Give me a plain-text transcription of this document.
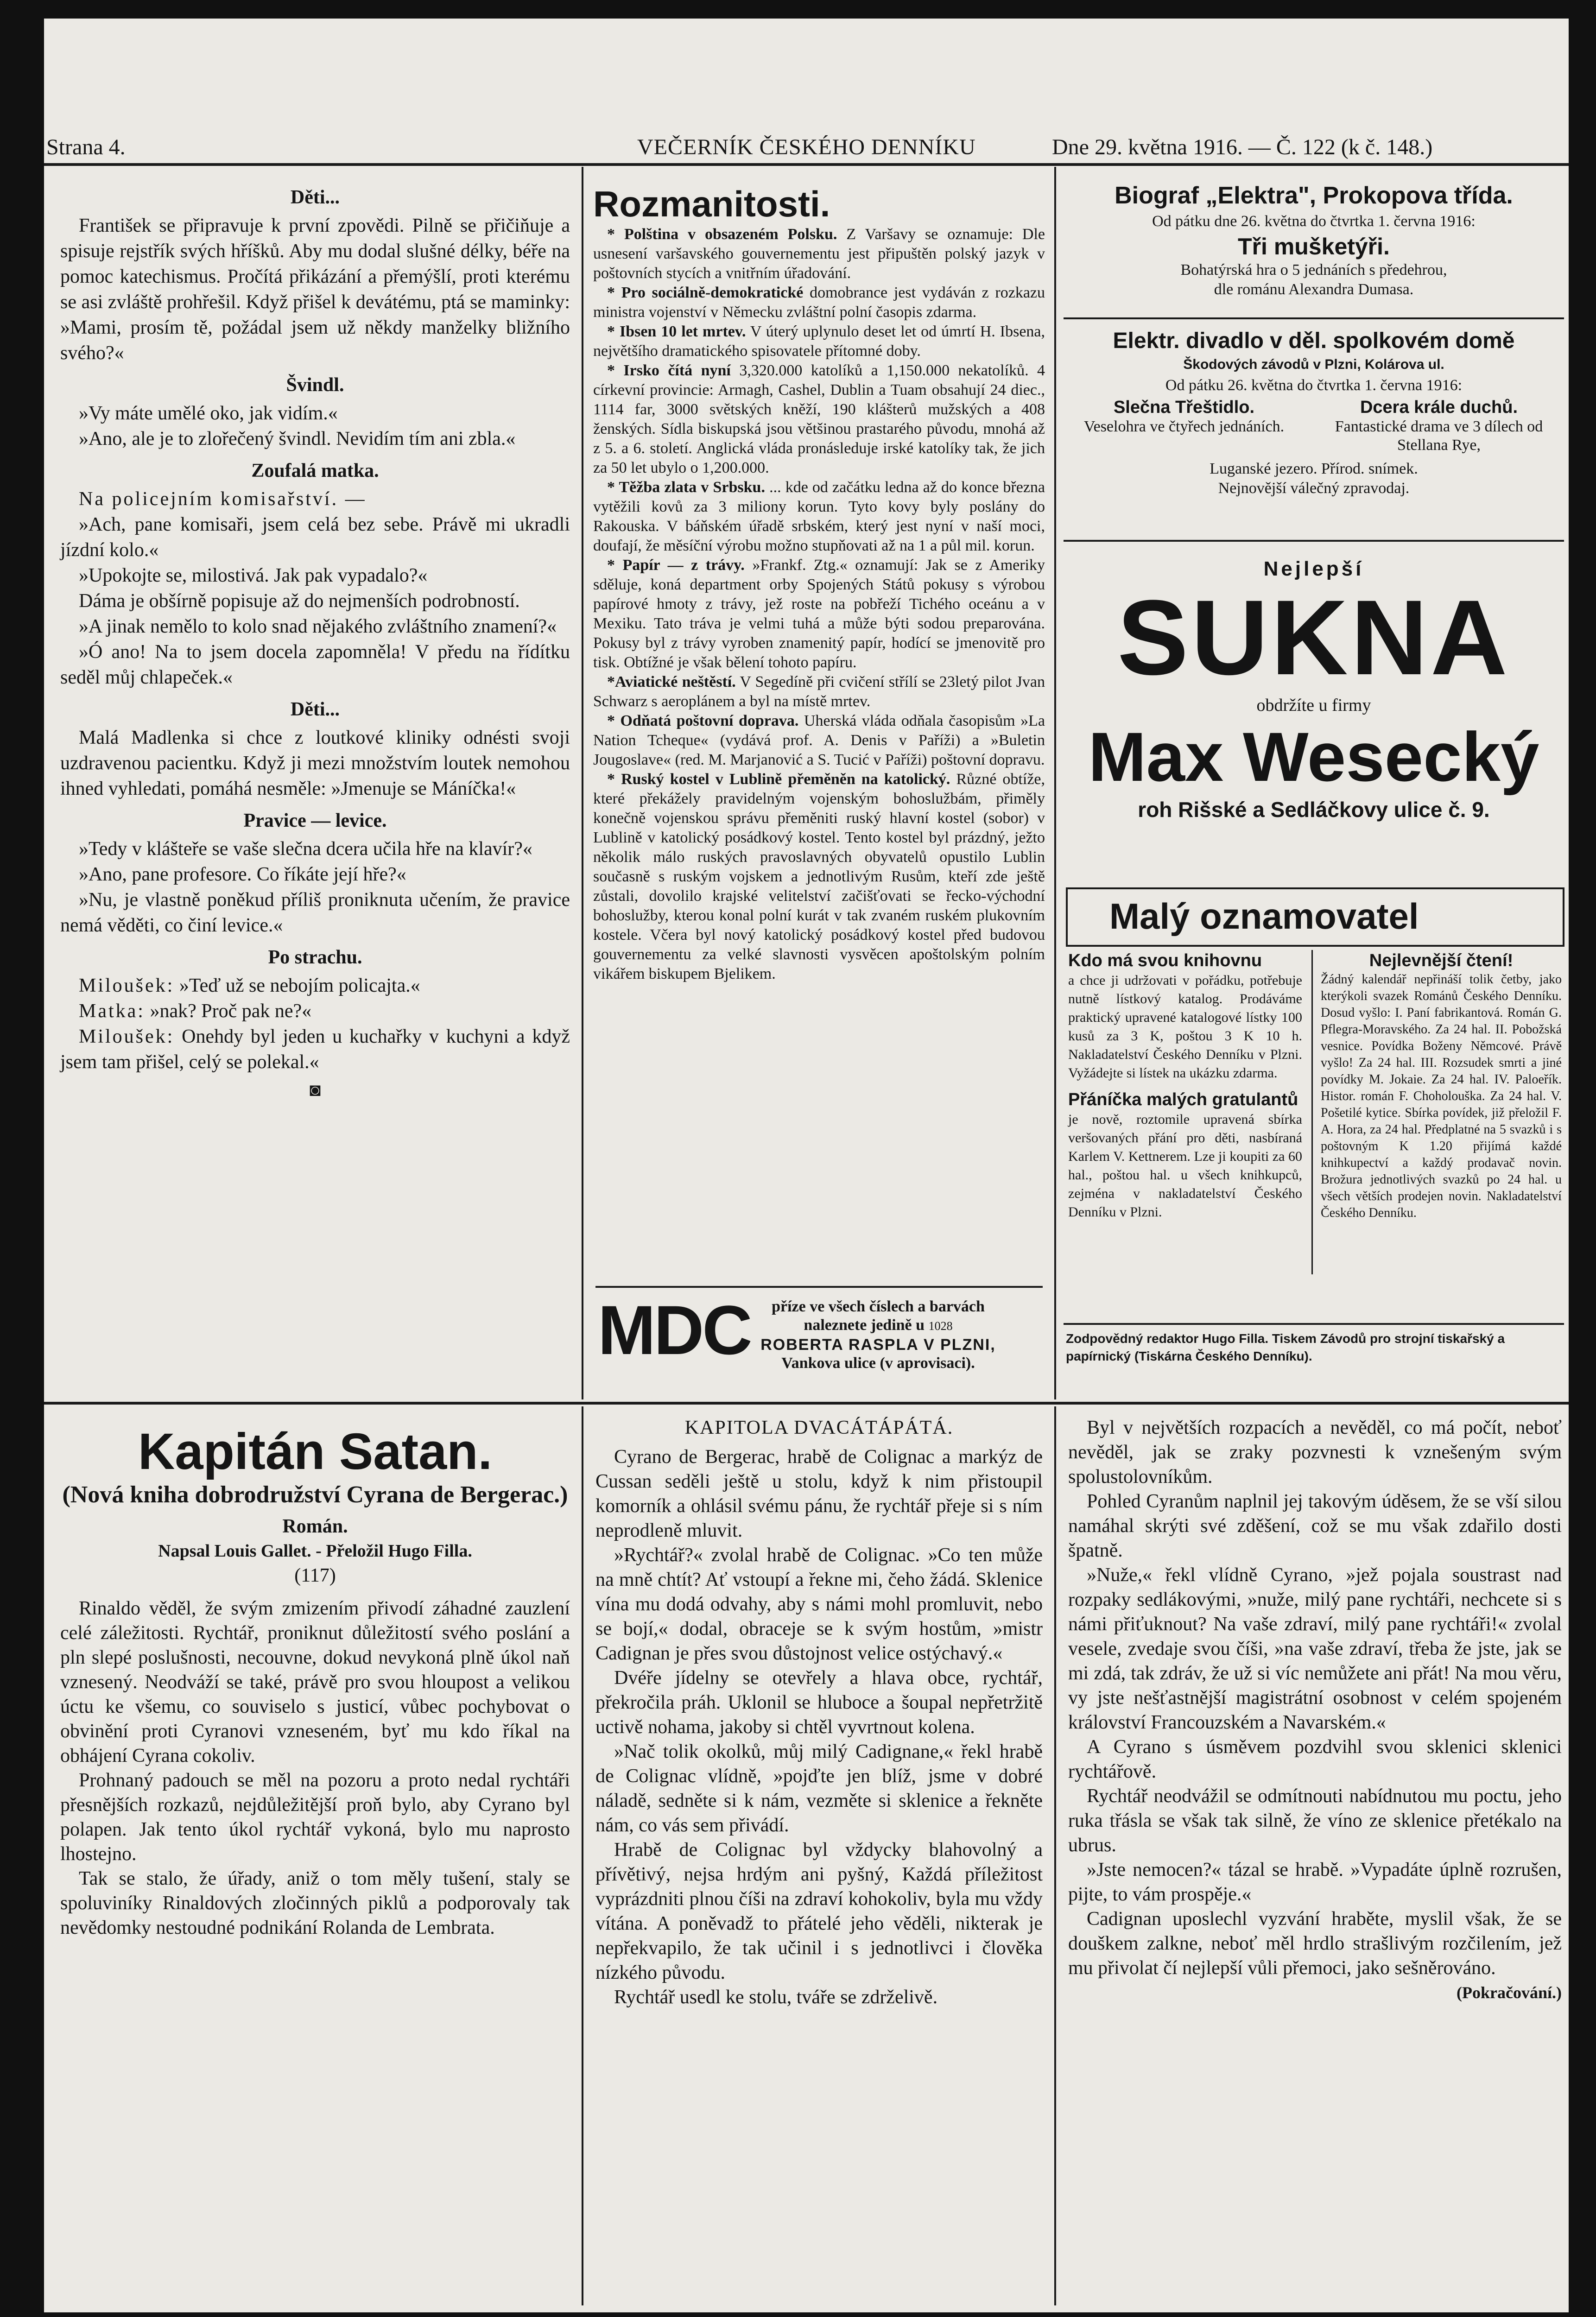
Strana 4.	VEČERNÍK ČESKÉHO DENNÍKU	Dne 29. května 1916. — Č. 122 (k č. 148.)
Děti...

František se připravuje k první zpovědi. Pilně se přičiňuje a spisuje rejstřík svých hříšků. Aby mu dodal slušné délky, béře na pomoc katechismus. Pročítá přikázání a přemýšlí, proti kterému se asi zvláště prohřešil. Když přišel k devátému, ptá se maminky: »Mami, prosím tě, požádal jsem už někdy manželky bližního svého?«

Švindl.

»Vy máte umělé oko, jak vidím.«

»Ano, ale je to zlořečený švindl. Nevidím tím ani zbla.«

Zoufalá matka.

Na policejním komisařství. —

»Ach, pane komisaři, jsem celá bez sebe. Právě mi ukradli jízdní kolo.«

»Upokojte se, milostivá. Jak pak vypadalo?«

Dáma je obšírně popisuje až do nejmenších podrobností.

»A jinak nemělo to kolo snad nějakého zvláštního znamení?«

»Ó ano! Na to jsem docela zapomněla! V předu na řídítku seděl můj chlapeček.«

Děti...

Malá Madlenka si chce z loutkové kliniky odnésti svoji uzdravenou pacientku. Když ji mezi množstvím loutek nemohou ihned vyhledati, pomáhá nesměle: »Jmenuje se Máníčka!«

Pravice — levice.

»Tedy v klášteře se vaše slečna dcera učila hře na klavír?«

»Ano, pane profesore. Co říkáte její hře?«

»Nu, je vlastně poněkud příliš proniknuta učením, že pravice nemá věděti, co činí levice.«

Po strachu.

Miloušek: »Teď už se nebojím policajta.«

Matka: »nak? Proč pak ne?«

Miloušek: Onehdy byl jeden u kuchařky v kuchyni a když jsem tam přišel, celý se polekal.«

◙
Rozmanitosti.

* Polština v obsazeném Polsku. Z Varšavy se oznamuje: Dle usnesení varšavského gouvernementu jest připuštěn polský jazyk v poštovních stycích a vnitřním úřadování.

* Pro sociálně-demokratické domobrance jest vydáván z rozkazu ministra vojenství v Německu zvláštní polní časopis zdarma.

* Ibsen 10 let mrtev. V úterý uplynulo deset let od úmrtí H. Ibsena, největšího dramatického spisovatele přítomné doby.

* Irsko čítá nyní 3,320.000 katolíků a 1,150.000 nekatolíků. 4 církevní provincie: Armagh, Cashel, Dublin a Tuam obsahují 24 diec., 1114 far, 3000 světských kněží, 190 klášterů mužských a 408 ženských. Sídla biskupská jsou většinou prastarého původu, mnohá až z 5. a 6. století. Anglická vláda pronásleduje irské katolíky tak, že jich za 50 let ubylo o 1,200.000.

* Těžba zlata v Srbsku. ... kde od začátku ledna až do konce března vytěžili kovů za 3 miliony korun. Tyto kovy byly poslány do Rakouska. V báňském úřadě srbském, který jest nyní v naší moci, doufají, že měsíční výrobu možno stupňovati až na 1 a půl mil. korun.

* Papír — z trávy. »Frankf. Ztg.« oznamují: Jak se z Ameriky sděluje, koná department orby Spojených Států pokusy s výrobou papírové hmoty z trávy, jež roste na pobřeží Tichého oceánu a v Mexiku. Tato tráva je velmi tuhá a může býti sodou preparována. Pokusy byl z trávy vyroben znamenitý papír, hodící se jmenovitě pro tisk. Obtížné je však bělení tohoto papíru.

*Aviatické neštěstí. V Segedíně při cvičení střílí se 23letý pilot Jvan Schwarz s aeroplánem a byl na místě mrtev.

* Odňatá poštovní doprava. Uherská vláda odňala časopisům »La Nation Tcheque« (vydává prof. A. Denis v Paříži) a »Buletin Jougoslave« (red. M. Marjanović a S. Tucić v Paříži) poštovní dopravu.

* Ruský kostel v Lublině přeměněn na katolický. Různé obtíže, které překážely pravidelným vojenským bohoslužbám, přiměly konečně vojenskou správu přeměniti ruský hlavní kostel (sobor) v Lublině v katolický posádkový kostel. Tento kostel byl prázdný, ježto několik málo ruských pravoslavných obyvatelů opustilo Lublin současně s ruským vojskem a jednotlivým Rusům, kteří zde ještě zůstali, dovolilo krajské velitelství začišťovati se řecko-východní bohoslužby, kterou konal polní kurát v tak zvaném ruském plukovním kostele. Včera byl nový katolický posádkový kostel před budovou gouvernementu za velké slavnosti vysvěcen apoštolským polním vikářem biskupem Bjelikem.

MDC	příze ve všech číslech a barvách
naleznete jedině u 1028
ROBERTA RASPLA V PLZNI,
Vankova ulice (v aprovisaci).
Biograf „Elektra", Prokopova třída.
Od pátku dne 26. května do čtvrtka 1. června 1916:
Tři mušketýři.
Bohatýrská hra o 5 jednáních s předehrou,
dle románu Alexandra Dumasa.
Elektr. divadlo v děl. spolkovém domě
Škodových závodů v Plzni, Kolárova ul.
Od pátku 26. května do čtvrtka 1. června 1916:
Slečna Třeštidlo.
Veselohra ve čtyřech jednáních.
Dcera krále duchů.
Fantastické drama ve 3 dílech od Stellana Rye,
Luganské jezero. Přírod. snímek.
Nejnovější válečný zpravodaj.
Nejlepší
SUKNA
obdržíte u firmy
Max Wesecký
roh Rišské a Sedláčkovy ulice č. 9.
Malý oznamovatel
Kdo má svou knihovnu
a chce ji udržovati v pořádku, potřebuje nutně lístkový katalog. Prodáváme praktický upravené katalogové lístky 100 kusů za 3 K, poštou 3 K 10 h. Nakladatelství Českého Denníku v Plzni. Vyžádejte si lístek na ukázku zdarma.
Přáníčka malých gratulantů
je nově, roztomile upravená sbírka veršovaných přání pro děti, nasbíraná Karlem V. Kettnerem. Lze ji koupiti za 60 hal., poštou hal. u všech knihkupců, zejména v nakladatelství Českého Denníku v Plzni.
Nejlevnější čtení!
Žádný kalendář nepřináší tolik četby, jako kterýkoli svazek Románů Českého Denníku. Dosud vyšlo: I. Paní fabrikantová. Román G. Pflegra-Moravského. Za 24 hal. II. Pobožská vesnice. Povídka Boženy Němcové. Právě vyšlo! Za 24 hal. III. Rozsudek smrti a jiné povídky M. Jokaie. Za 24 hal. IV. Paloeřík. Histor. román F. Choholouška. Za 24 hal. V. Pošetilé kytice. Sbírka povídek, již přeložil F. A. Hora, za 24 hal. Předplatné na 5 svazků i s poštovným K 1.20 přijímá každé knihkupectví a každý prodavač novin. Brožura jednotlivých svazků po 24 hal. u všech větších prodejen novin. Nakladatelství Českého Denníku.
Zodpovědný redaktor Hugo Filla. Tiskem Závodů pro strojní tiskařský a papírnický (Tiskárna Českého Denníku).
Kapitán Satan.
(Nová kniha dobrodružství Cyrana de Bergerac.)
Román.
Napsal Louis Gallet. - Přeložil Hugo Filla.
(117)

Rinaldo věděl, že svým zmizením přivodí záhadné zauzlení celé záležitosti. Rychtář, proniknut důležitostí svého poslání a pln slepé poslušnosti, necouvne, dokud nevykoná plně úkol naň vznesený. Neodváží se také, právě pro svou hloupost a velikou úctu ke všemu, co souviselo s justicí, vůbec pochybovat o obvinění proti Cyranovi vzneseném, byť mu kdo říkal na obhájení Cyrana cokoliv.

Prohnaný padouch se měl na pozoru a proto nedal rychtáři přesnějších rozkazů, nejdůležitější proň bylo, aby Cyrano byl polapen. Jak tento úkol rychtář vykoná, bylo mu naprosto lhostejno.

Tak se stalo, že úřady, aniž o tom měly tušení, staly se spoluviníky Rinaldových zločinných piklů a podporovaly tak nevědomky nestoudné podnikání Rolanda de Lembrata.

KAPITOLA DVACÁTÁPÁTÁ.

Cyrano de Bergerac, hrabě de Colignac a markýz de Cussan seděli ještě u stolu, když k nim přistoupil komorník a ohlásil svému pánu, že rychtář přeje si s ním neprodleně mluvit.

»Rychtář?« zvolal hrabě de Colignac. »Co ten může na mně chtít? Ať vstoupí a řekne mi, čeho žádá. Sklenice vína mu dodá odvahy, aby s námi mohl promluvit, nebo se bojí,« dodal, obraceje se k svým hostům, »mistr Cadignan je přes svou důstojnost velice ostýchavý.«

Dvéře jídelny se otevřely a hlava obce, rychtář, překročila práh. Uklonil se hluboce a šoupal nepřetržitě uctivě nohama, jakoby si chtěl vyvrtnout kolena.

»Nač tolik okolků, můj milý Cadignane,« řekl hrabě de Colignac vlídně, »pojďte jen blíž, jsme v dobré náladě, sedněte si k nám, vezměte si sklenice a řekněte nám, co vás sem přivádí.

Hrabě de Colignac byl vždycky blahovolný a přívětivý, nejsa hrdým ani pyšný, Každá příležitost vyprázdniti plnou číši na zdraví kohokoliv, byla mu vždy vítána. A poněvadž to přátelé jeho věděli, nikterak je nepřekvapilo, že tak učinil i s jednotlivci i člověka nízkého původu.

Rychtář usedl ke stolu, tváře se zdrželivě.

Byl v největších rozpacích a nevěděl, co má počít, neboť nevěděl, jak se zraky pozvnesti k vznešeným svým spolustolovníkům.

Pohled Cyranům naplnil jej takovým úděsem, že se vší silou namáhal skrýti své zděšení, což se mu však zdařilo dosti špatně.

»Nuže,« řekl vlídně Cyrano, »jež pojala soustrast nad rozpaky sedlákovými, »nuže, milý pane rychtáři, nechcete si s námi přiťuknout? Na vaše zdraví, milý pane rychtáři!« zvolal vesele, zvedaje svou číši, »na vaše zdraví, třeba že jste, jak se mi zdá, tak zdráv, že už si víc nemůžete ani přát! Na mou věru, vy jste nešťastnější magistrátní osobnost v celém spojeném království Francouzském a Navarském.«

A Cyrano s úsměvem pozdvihl svou sklenici sklenici rychtářově.

Rychtář neodvážil se odmítnouti nabídnutou mu poctu, jeho ruka třásla se však tak silně, že víno ze sklenice přetékalo na ubrus.

»Jste nemocen?« tázal se hrabě. »Vypadáte úplně rozrušen, pijte, to vám prospěje.«

Cadignan uposlechl vyzvání hraběte, myslil však, že se douškem zalkne, neboť měl hrdlo strašlivým rozčilením, jež mu přivolat čí nejlepší vůli přemoci, jako sešněrováno.

(Pokračování.)
